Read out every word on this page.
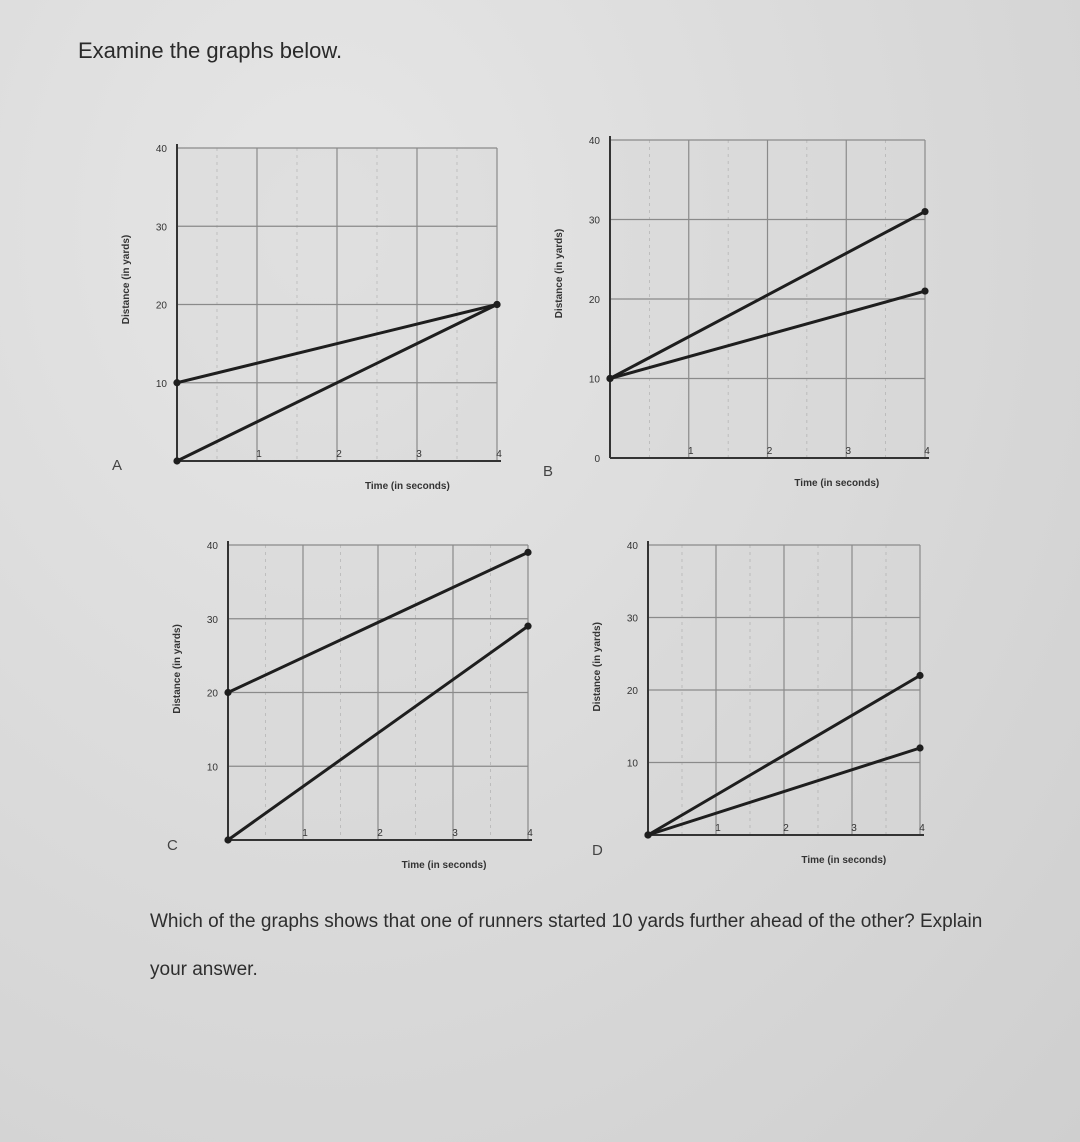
Examine the graphs below.
10
20
30
40
1	2	3	4
Time (in seconds)
Distance (in yards)
A	0
10
20
30
40
1	2	3	4
Time (in seconds)
Distance (in yards)
B
10
20
30
40
1	2	3	4
Time (in seconds)
Distance (in yards)
C
10
20
30
40
1	2	3	4
Time (in seconds)
Distance (in yards)
D

Which of the graphs shows that one of runners started 10 yards further ahead of the other? Explain your answer.
